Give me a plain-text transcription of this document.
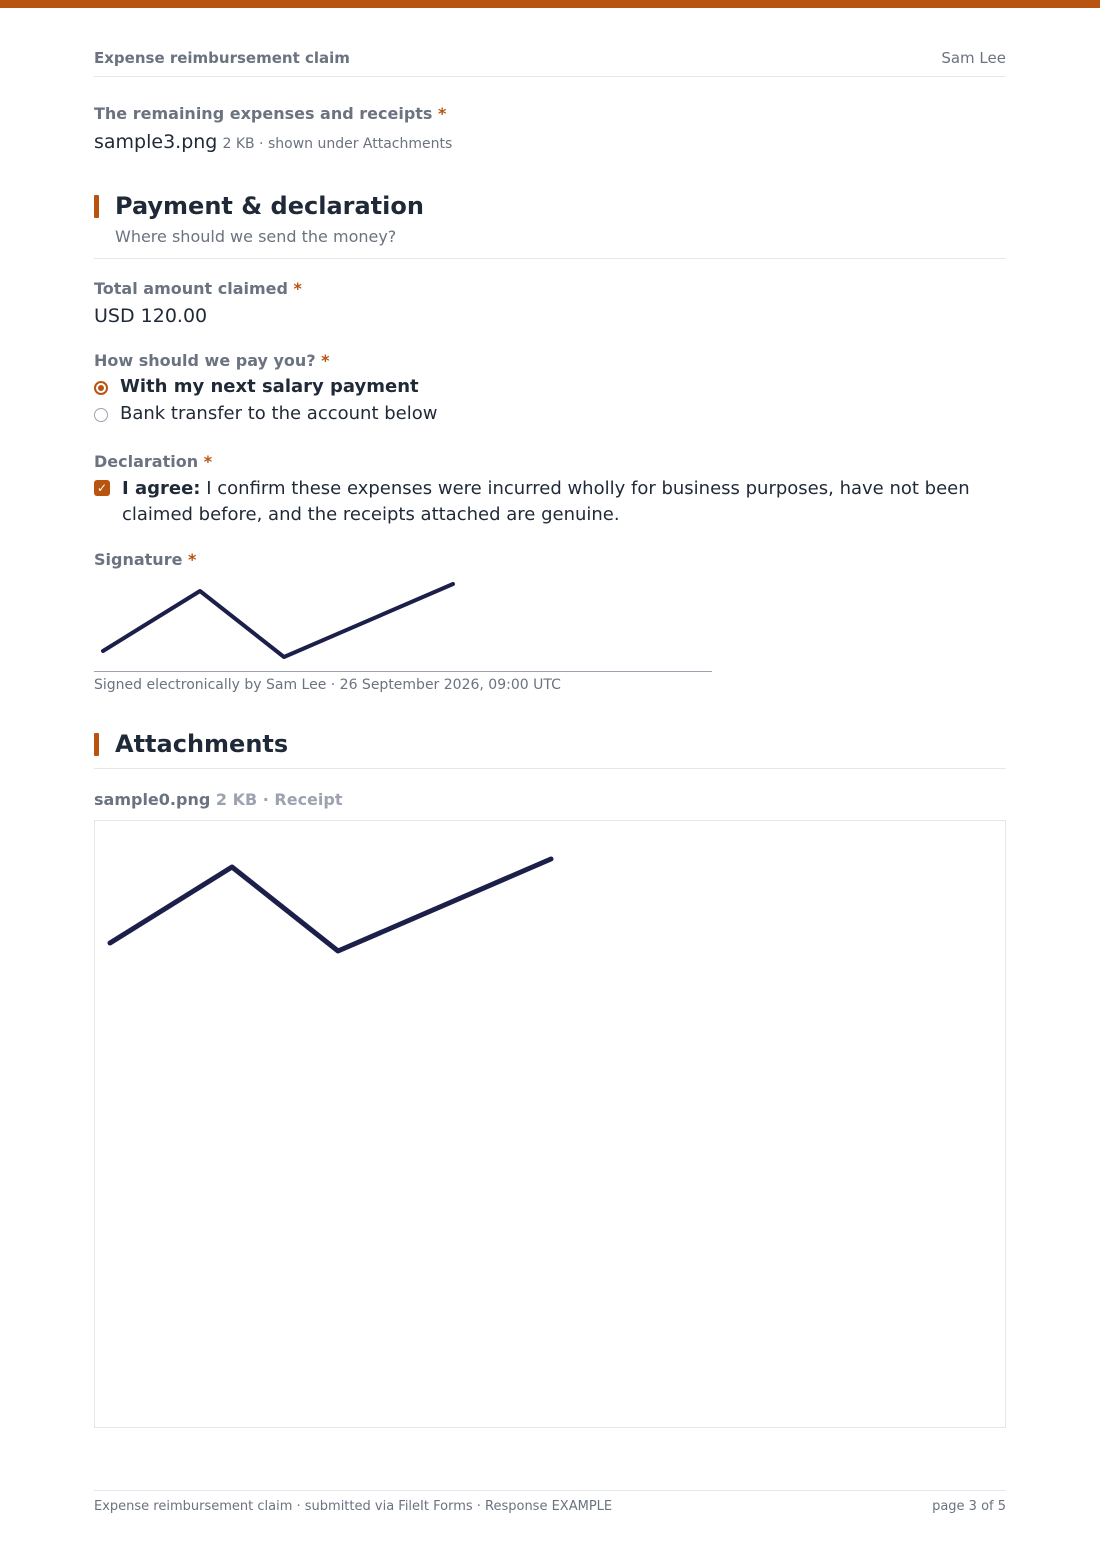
Expense reimbursement claim	Sam Lee
The remaining expenses and receipts *
sample3.png 2 KB · shown under Attachments
Payment & declaration
Where should we send the money?
Total amount claimed *
USD 120.00
How should we pay you? *
With my next salary payment
Bank transfer to the account below
Declaration *
✓ I agree: I confirm these expenses were incurred wholly for business purposes, have not been claimed before, and the receipts attached are genuine.
Signature *
Signed electronically by Sam Lee · 26 September 2026, 09:00 UTC
Attachments
sample0.png 2 KB · Receipt
Expense reimbursement claim · submitted via FileIt Forms · Response EXAMPLE	page 3 of 5
